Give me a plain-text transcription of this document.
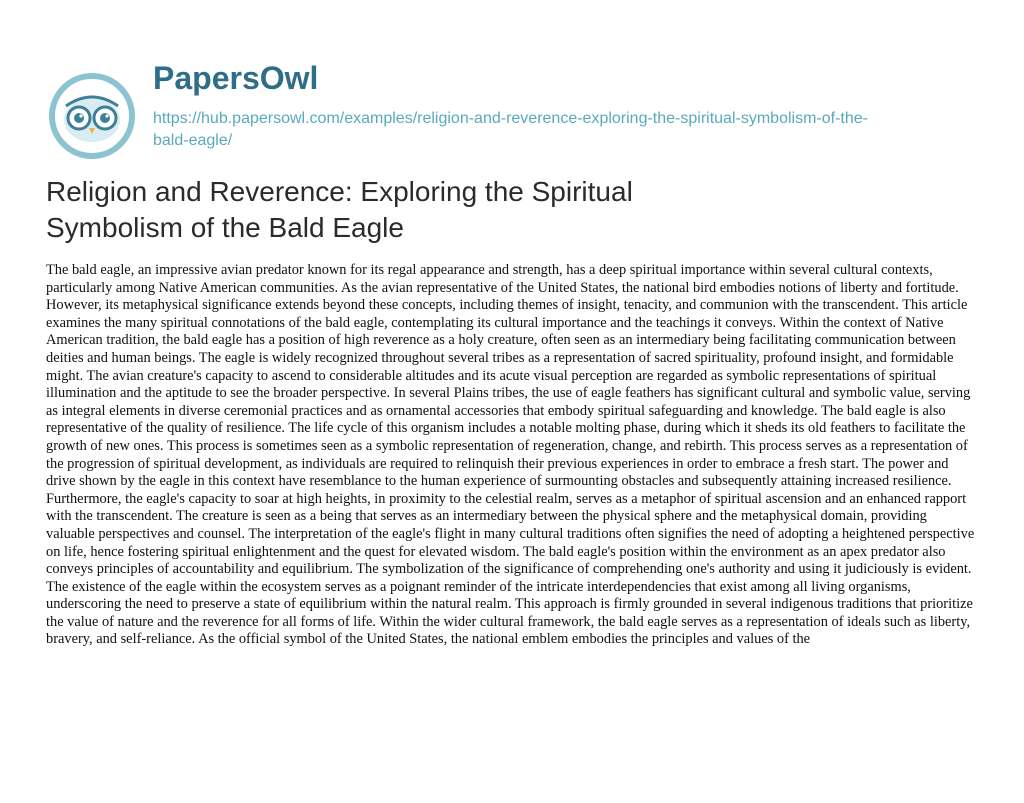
PapersOwl
https://hub.papersowl.com/examples/religion-and-reverence-exploring-the-spiritual-symbolism-of-the-bald-eagle/
Religion and Reverence: Exploring the Spiritual Symbolism of the Bald Eagle

The bald eagle, an impressive avian predator known for its regal appearance and strength, has a deep spiritual importance within several cultural contexts, particularly among Native American communities. As the avian representative of the United States, the national bird embodies notions of liberty and fortitude. However, its metaphysical significance extends beyond these concepts, including themes of insight, tenacity, and communion with the transcendent. This article examines the many spiritual connotations of the bald eagle, contemplating its cultural importance and the teachings it conveys. Within the context of Native American tradition, the bald eagle has a position of high reverence as a holy creature, often seen as an intermediary being facilitating communication between deities and human beings. The eagle is widely recognized throughout several tribes as a representation of sacred spirituality, profound insight, and formidable might. The avian creature's capacity to ascend to considerable altitudes and its acute visual perception are regarded as symbolic representations of spiritual illumination and the aptitude to see the broader perspective. In several Plains tribes, the use of eagle feathers has significant cultural and symbolic value, serving as integral elements in diverse ceremonial practices and as ornamental accessories that embody spiritual safeguarding and knowledge. The bald eagle is also representative of the quality of resilience. The life cycle of this organism includes a notable molting phase, during which it sheds its old feathers to facilitate the growth of new ones. This process is sometimes seen as a symbolic representation of regeneration, change, and rebirth. This process serves as a representation of the progression of spiritual development, as individuals are required to relinquish their previous experiences in order to embrace a fresh start. The power and drive shown by the eagle in this context have resemblance to the human experience of surmounting obstacles and subsequently attaining increased resilience. Furthermore, the eagle's capacity to soar at high heights, in proximity to the celestial realm, serves as a metaphor of spiritual ascension and an enhanced rapport with the transcendent. The creature is seen as a being that serves as an intermediary between the physical sphere and the metaphysical domain, providing valuable perspectives and counsel. The interpretation of the eagle's flight in many cultural traditions often signifies the need of adopting a heightened perspective on life, hence fostering spiritual enlightenment and the quest for elevated wisdom. The bald eagle's position within the environment as an apex predator also conveys principles of accountability and equilibrium. The symbolization of the significance of comprehending one's authority and using it judiciously is evident. The existence of the eagle within the ecosystem serves as a poignant reminder of the intricate interdependencies that exist among all living organisms, underscoring the need to preserve a state of equilibrium within the natural realm. This approach is firmly grounded in several indigenous traditions that prioritize the value of nature and the reverence for all forms of life. Within the wider cultural framework, the bald eagle serves as a representation of ideals such as liberty, bravery, and self-reliance. As the official symbol of the United States, the national emblem embodies the principles and values of the
